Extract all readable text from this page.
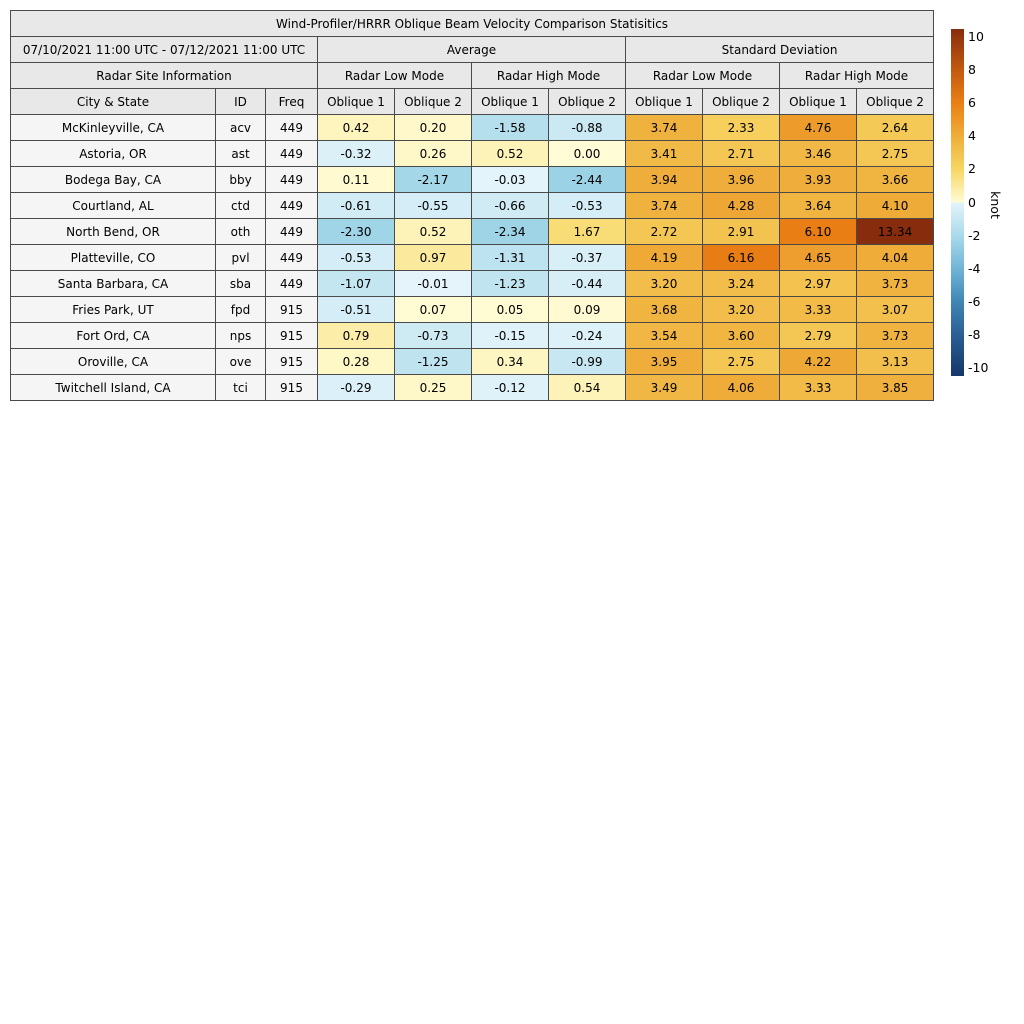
Wind-Profiler/HRRR Oblique Beam Velocity Comparison Statisitics										
07/10/2021 11:00 UTC - 07/12/2021 11:00 UTC			Average				Standard Deviation			
Radar Site Information			Radar Low Mode		Radar High Mode		Radar Low Mode		Radar High Mode	
City & State	ID	Freq	Oblique 1	Oblique 2	Oblique 1	Oblique 2	Oblique 1	Oblique 2	Oblique 1	Oblique 2
McKinleyville, CA	acv	449	0.42	0.20	-1.58	-0.88	3.74	2.33	4.76	2.64
Astoria, OR	ast	449	-0.32	0.26	0.52	0.00	3.41	2.71	3.46	2.75
Bodega Bay, CA	bby	449	0.11	-2.17	-0.03	-2.44	3.94	3.96	3.93	3.66
Courtland, AL	ctd	449	-0.61	-0.55	-0.66	-0.53	3.74	4.28	3.64	4.10
North Bend, OR	oth	449	-2.30	0.52	-2.34	1.67	2.72	2.91	6.10	13.34
Platteville, CO	pvl	449	-0.53	0.97	-1.31	-0.37	4.19	6.16	4.65	4.04
Santa Barbara, CA	sba	449	-1.07	-0.01	-1.23	-0.44	3.20	3.24	2.97	3.73
Fries Park, UT	fpd	915	-0.51	0.07	0.05	0.09	3.68	3.20	3.33	3.07
Fort Ord, CA	nps	915	0.79	-0.73	-0.15	-0.24	3.54	3.60	2.79	3.73
Oroville, CA	ove	915	0.28	-1.25	0.34	-0.99	3.95	2.75	4.22	3.13
Twitchell Island, CA	tci	915	-0.29	0.25	-0.12	0.54	3.49	4.06	3.33	3.85
10
8
6
4
2
0
-2
-4
-6
-8
-10
knot
